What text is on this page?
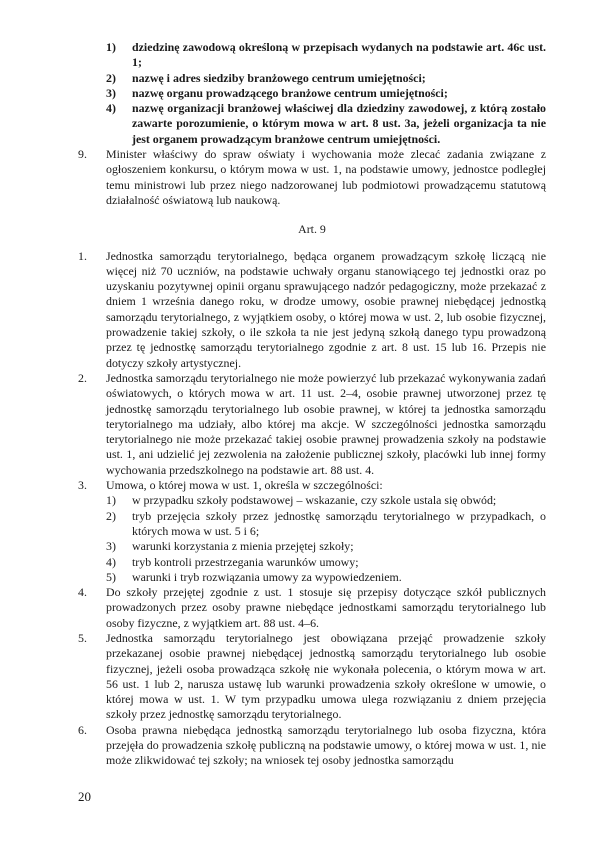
1) dziedzinę zawodową określoną w przepisach wydanych na podstawie art. 46c ust. 1;
2) nazwę i adres siedziby branżowego centrum umiejętności;
3) nazwę organu prowadzącego branżowe centrum umiejętności;
4) nazwę organizacji branżowej właściwej dla dziedziny zawodowej, z którą zostało zawarte porozumienie, o którym mowa w art. 8 ust. 3a, jeżeli organizacja ta nie jest organem prowadzącym branżowe centrum umiejętności.
9. Minister właściwy do spraw oświaty i wychowania może zlecać zadania związane z ogłoszeniem konkursu, o którym mowa w ust. 1, na podstawie umowy, jednostce podległej temu ministrowi lub przez niego nadzorowanej lub podmiotowi prowadzącemu statutową działalność oświatową lub naukową.
Art. 9
1. Jednostka samorządu terytorialnego, będąca organem prowadzącym szkołę liczącą nie więcej niż 70 uczniów, na podstawie uchwały organu stanowiącego tej jednostki oraz po uzyskaniu pozytywnej opinii organu sprawującego nadzór pedagogiczny, może przekazać z dniem 1 września danego roku, w drodze umowy, osobie prawnej niebędącej jednostką samorządu terytorialnego, z wyjątkiem osoby, o której mowa w ust. 2, lub osobie fizycznej, prowadzenie takiej szkoły, o ile szkoła ta nie jest jedyną szkołą danego typu prowadzoną przez tę jednostkę samorządu terytorialnego zgodnie z art. 8 ust. 15 lub 16. Przepis nie dotyczy szkoły artystycznej.
2. Jednostka samorządu terytorialnego nie może powierzyć lub przekazać wykonywania zadań oświatowych, o których mowa w art. 11 ust. 2–4, osobie prawnej utworzonej przez tę jednostkę samorządu terytorialnego lub osobie prawnej, w której ta jednostka samorządu terytorialnego ma udziały, albo której ma akcje. W szczególności jednostka samorządu terytorialnego nie może przekazać takiej osobie prawnej prowadzenia szkoły na podstawie ust. 1, ani udzielić jej zezwolenia na założenie publicznej szkoły, placówki lub innej formy wychowania przedszkolnego na podstawie art. 88 ust. 4.
3. Umowa, o której mowa w ust. 1, określa w szczególności:
1) w przypadku szkoły podstawowej – wskazanie, czy szkole ustala się obwód;
2) tryb przejęcia szkoły przez jednostkę samorządu terytorialnego w przypadkach, o których mowa w ust. 5 i 6;
3) warunki korzystania z mienia przejętej szkoły;
4) tryb kontroli przestrzegania warunków umowy;
5) warunki i tryb rozwiązania umowy za wypowiedzeniem.
4. Do szkoły przejętej zgodnie z ust. 1 stosuje się przepisy dotyczące szkół publicznych prowadzonych przez osoby prawne niebędące jednostkami samorządu terytorialnego lub osoby fizyczne, z wyjątkiem art. 88 ust. 4–6.
5. Jednostka samorządu terytorialnego jest obowiązana przejąć prowadzenie szkoły przekazanej osobie prawnej niebędącej jednostką samorządu terytorialnego lub osobie fizycznej, jeżeli osoba prowadząca szkołę nie wykonała polecenia, o którym mowa w art. 56 ust. 1 lub 2, narusza ustawę lub warunki prowadzenia szkoły określone w umowie, o której mowa w ust. 1. W tym przypadku umowa ulega rozwiązaniu z dniem przejęcia szkoły przez jednostkę samorządu terytorialnego.
6. Osoba prawna niebędąca jednostką samorządu terytorialnego lub osoba fizyczna, która przejęła do prowadzenia szkołę publiczną na podstawie umowy, o której mowa w ust. 1, nie może zlikwidować tej szkoły; na wniosek tej osoby jednostka samorządu
20
